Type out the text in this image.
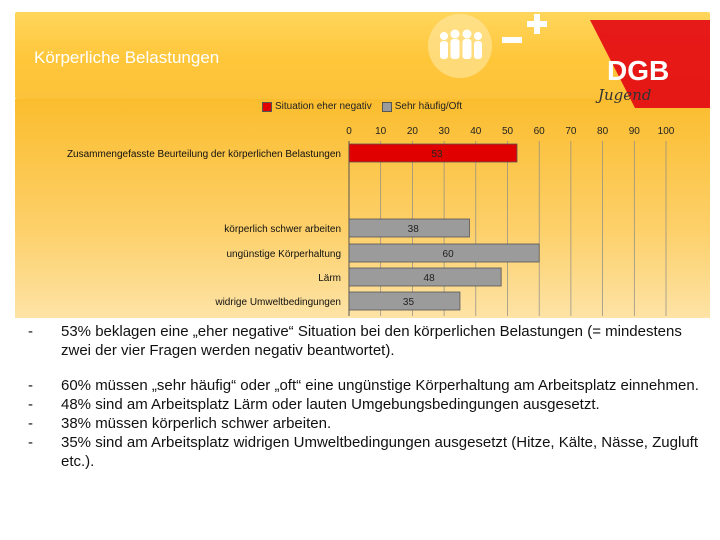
Körperliche Belastungen	DGB
Jugend
Situation eher negativ Sehr häufig/Oft
0 10 20 30 40 50 60 70 80 90 100
53
Zusammengefasste Beurteilung der körperlichen Belastungen
38
körperlich schwer arbeiten
60
ungünstige Körperhaltung
48
Lärm
35
widrige Umweltbedingungen
-	53% beklagen eine „eher negative“ Situation bei den körperlichen Belastungen (= mindestens zwei der vier Fragen werden negativ beantwortet).
-	60% müssen „sehr häufig“ oder „oft“ eine ungünstige Körperhaltung am Arbeitsplatz einnehmen.
-	48% sind am Arbeitsplatz Lärm oder lauten Umgebungsbedingungen ausgesetzt.
-	38% müssen körperlich schwer arbeiten.
-	35% sind am Arbeitsplatz widrigen Umweltbedingungen ausgesetzt (Hitze, Kälte, Nässe, Zugluft etc.).
